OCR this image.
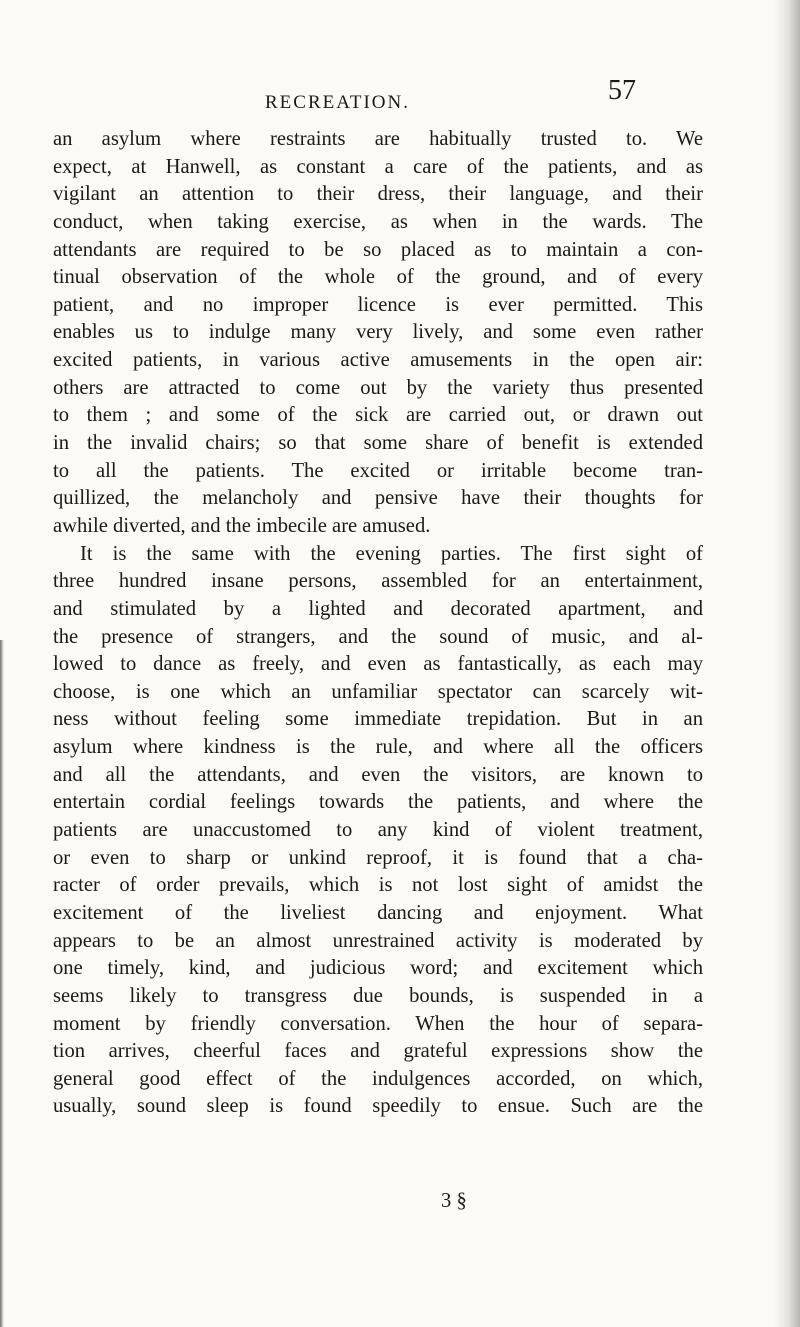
RECREATION.	57
an asylum where restraints are habitually trusted to. We
expect, at Hanwell, as constant a care of the patients, and as
vigilant an attention to their dress, their language, and their
conduct, when taking exercise, as when in the wards. The
attendants are required to be so placed as to maintain a con-
tinual observation of the whole of the ground, and of every
patient, and no improper licence is ever permitted. This
enables us to indulge many very lively, and some even rather
excited patients, in various active amusements in the open air:
others are attracted to come out by the variety thus presented
to them ; and some of the sick are carried out, or drawn out
in the invalid chairs; so that some share of benefit is extended
to all the patients. The excited or irritable become tran-
quillized, the melancholy and pensive have their thoughts for
awhile diverted, and the imbecile are amused.
It is the same with the evening parties. The first sight of
three hundred insane persons, assembled for an entertainment,
and stimulated by a lighted and decorated apartment, and
the presence of strangers, and the sound of music, and al-
lowed to dance as freely, and even as fantastically, as each may
choose, is one which an unfamiliar spectator can scarcely wit-
ness without feeling some immediate trepidation. But in an
asylum where kindness is the rule, and where all the officers
and all the attendants, and even the visitors, are known to
entertain cordial feelings towards the patients, and where the
patients are unaccustomed to any kind of violent treatment,
or even to sharp or unkind reproof, it is found that a cha-
racter of order prevails, which is not lost sight of amidst the
excitement of the liveliest dancing and enjoyment. What
appears to be an almost unrestrained activity is moderated by
one timely, kind, and judicious word; and excitement which
seems likely to transgress due bounds, is suspended in a
moment by friendly conversation. When the hour of separa-
tion arrives, cheerful faces and grateful expressions show the
general good effect of the indulgences accorded, on which,
usually, sound sleep is found speedily to ensue. Such are the
3 §
